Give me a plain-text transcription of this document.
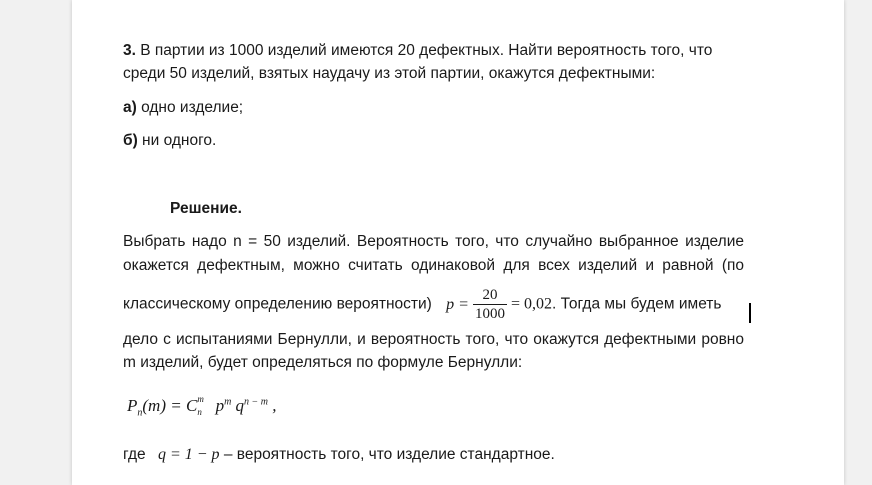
3. В партии из 1000 изделий имеются 20 дефектных. Найти вероятность того, что
среди 50 изделий, взятых наудачу из этой партии, окажутся дефектными:
а) одно изделие;
б) ни одного.
Решение.
Выбрать надо n = 50 изделий. Вероятность того, что случайно выбранное изделие
окажется дефектным, можно считать одинаковой для всех изделий и равной (по
классическому определению вероятности) $p = \frac{20}{1000} = 0,02$. Тогда мы будем иметь
дело с испытаниями Бернулли, и вероятность того, что окажутся дефектными ровно
m изделий, будет определяться по формуле Бернулли:
$P_n(m) = C$ m
n $p^m$ $q^{n - m}$ ,
где q = 1 − p – вероятность того, что изделие стандартное.
